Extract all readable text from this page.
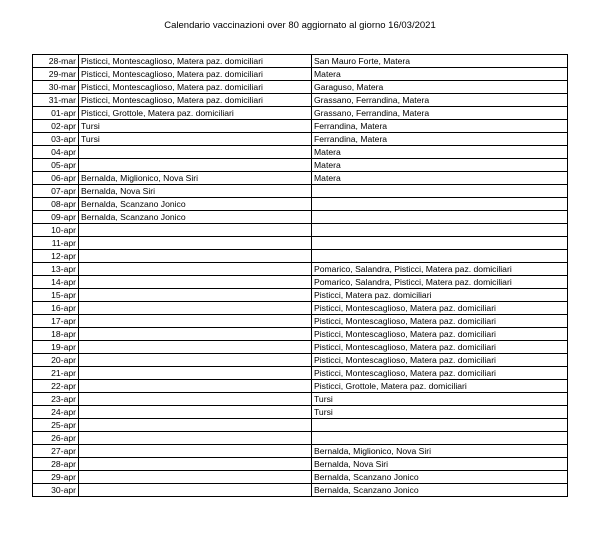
Calendario vaccinazioni over 80 aggiornato al giorno 16/03/2021
28-mar	Pisticci, Montescaglioso, Matera paz. domiciliari	San Mauro Forte, Matera
29-mar	Pisticci, Montescaglioso, Matera paz. domiciliari	Matera
30-mar	Pisticci, Montescaglioso, Matera paz. domiciliari	Garaguso, Matera
31-mar	Pisticci, Montescaglioso, Matera paz. domiciliari	Grassano, Ferrandina, Matera
01-apr	Pisticci, Grottole, Matera paz. domiciliari	Grassano, Ferrandina, Matera
02-apr	Tursi	Ferrandina, Matera
03-apr	Tursi	Ferrandina, Matera
04-apr		Matera
05-apr		Matera
06-apr	Bernalda, Miglionico, Nova Siri	Matera
07-apr	Bernalda, Nova Siri	
08-apr	Bernalda, Scanzano Jonico	
09-apr	Bernalda, Scanzano Jonico	
10-apr		
11-apr		
12-apr		
13-apr		Pomarico, Salandra, Pisticci, Matera paz. domiciliari
14-apr		Pomarico, Salandra, Pisticci, Matera paz. domiciliari
15-apr		Pisticci, Matera paz. domiciliari
16-apr		Pisticci, Montescaglioso, Matera paz. domiciliari
17-apr		Pisticci, Montescaglioso, Matera paz. domiciliari
18-apr		Pisticci, Montescaglioso, Matera paz. domiciliari
19-apr		Pisticci, Montescaglioso, Matera paz. domiciliari
20-apr		Pisticci, Montescaglioso, Matera paz. domiciliari
21-apr		Pisticci, Montescaglioso, Matera paz. domiciliari
22-apr		Pisticci, Grottole, Matera paz. domiciliari
23-apr		Tursi
24-apr		Tursi
25-apr		
26-apr		
27-apr		Bernalda, Miglionico, Nova Siri
28-apr		Bernalda, Nova Siri
29-apr		Bernalda, Scanzano Jonico
30-apr		Bernalda, Scanzano Jonico
